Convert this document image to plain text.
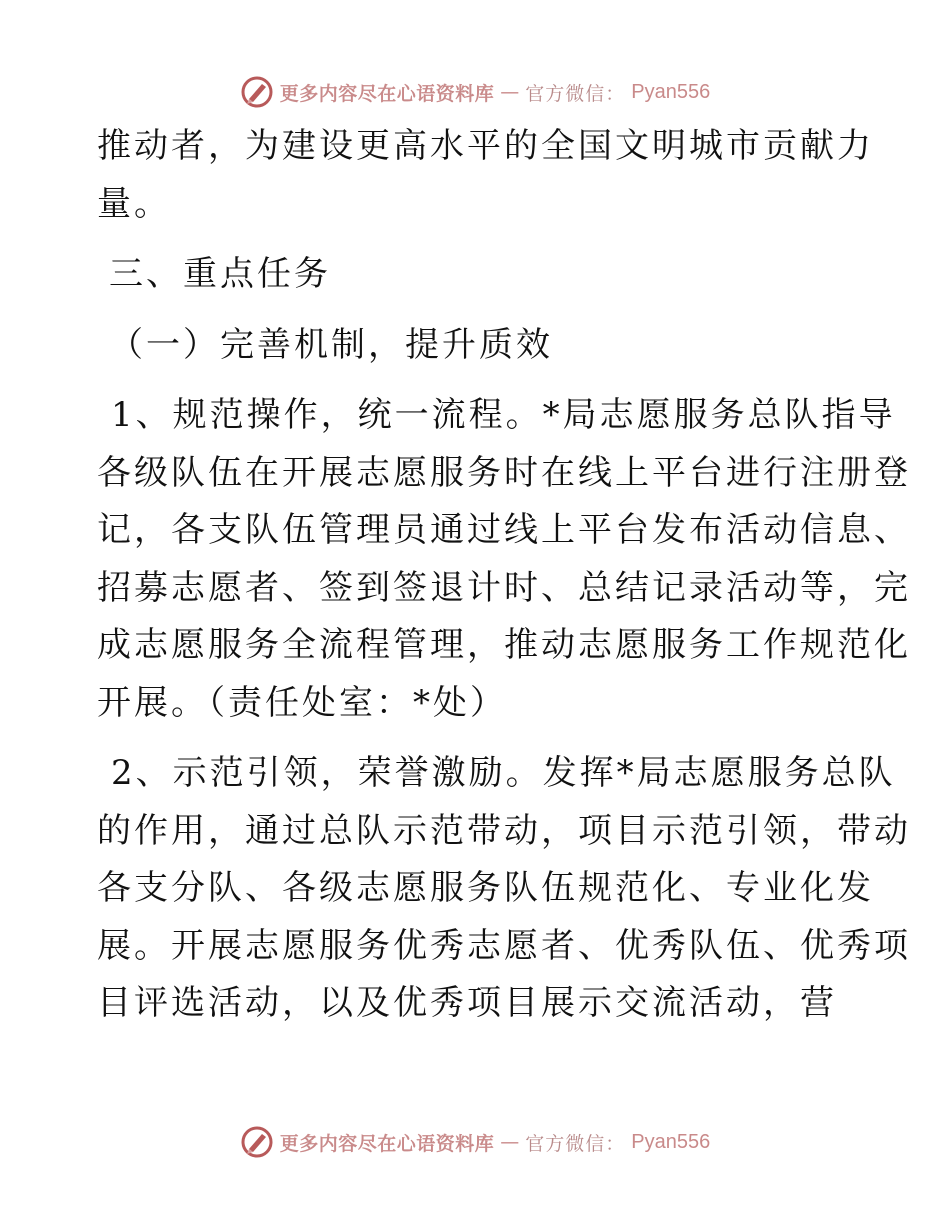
更多内容尽在心语资料库 — 官方微信： Pyan556
推动者，为建设更高水平的全国文明城市贡献力
量。
三、重点任务
（一）完善机制，提升质效
1、规范操作，统一流程。*局志愿服务总队指导
各级队伍在开展志愿服务时在线上平台进行注册登
记，各支队伍管理员通过线上平台发布活动信息、
招募志愿者、签到签退计时、总结记录活动等，完
成志愿服务全流程管理，推动志愿服务工作规范化
开展。（责任处室：*处）
2、示范引领，荣誉激励。发挥*局志愿服务总队
的作用，通过总队示范带动，项目示范引领，带动
各支分队、各级志愿服务队伍规范化、专业化发
展。开展志愿服务优秀志愿者、优秀队伍、优秀项
目评选活动，以及优秀项目展示交流活动，营
更多内容尽在心语资料库 — 官方微信： Pyan556
